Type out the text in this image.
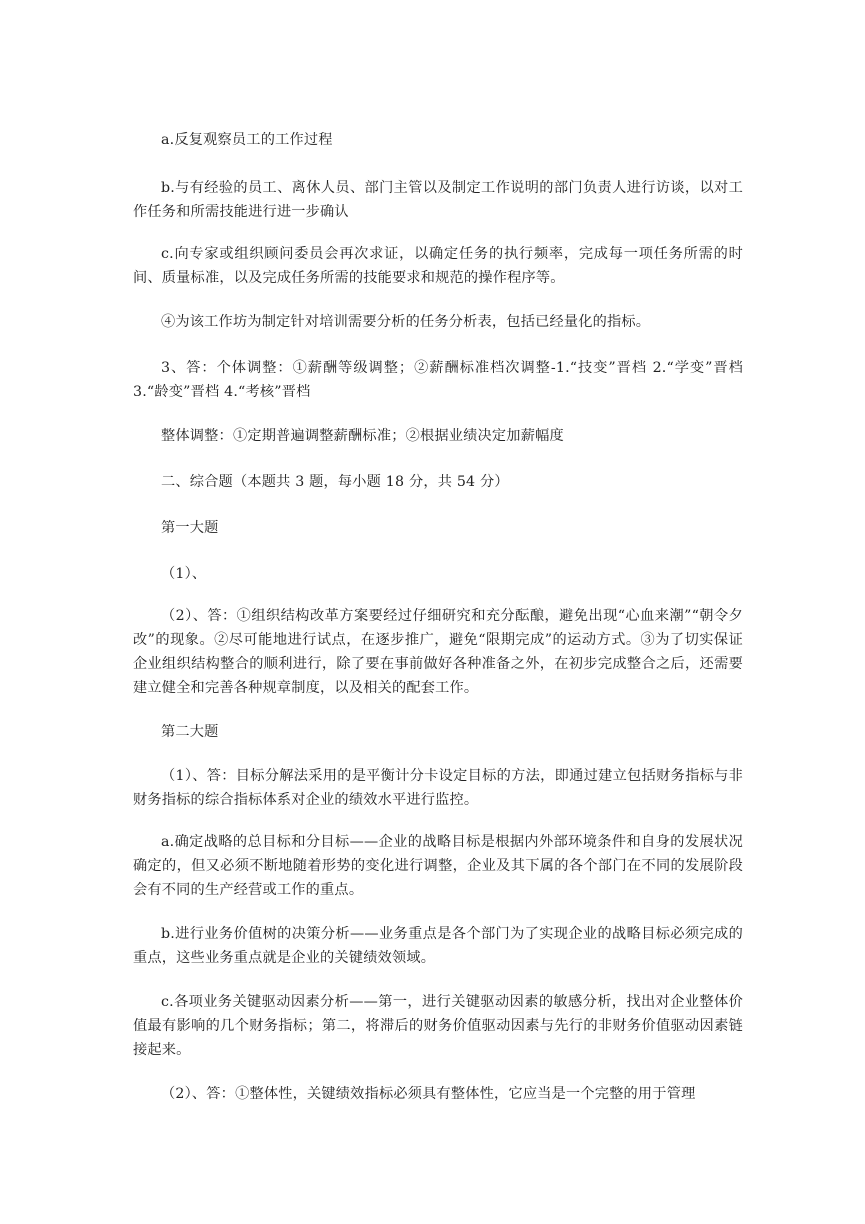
a.反复观察员工的工作过程

b.与有经验的员工、离休人员、部门主管以及制定工作说明的部门负责人进行访谈，以对工作任务和所需技能进行进一步确认

c.向专家或组织顾问委员会再次求证，以确定任务的执行频率，完成每一项任务所需的时间、质量标准，以及完成任务所需的技能要求和规范的操作程序等。

④为该工作坊为制定针对培训需要分析的任务分析表，包括已经量化的指标。

3、答：个体调整：①薪酬等级调整；②薪酬标准档次调整-1.“技变”晋档 2.“学变”晋档 3.“龄变”晋档 4.“考核”晋档

整体调整：①定期普遍调整薪酬标准；②根据业绩决定加薪幅度

二、综合题（本题共 3 题，每小题 18 分，共 54 分）

第一大题

（1）、

（2）、答：①组织结构改革方案要经过仔细研究和充分酝酿，避免出现“心血来潮”“朝令夕改”的现象。②尽可能地进行试点，在逐步推广，避免“限期完成”的运动方式。③为了切实保证企业组织结构整合的顺利进行，除了要在事前做好各种准备之外，在初步完成整合之后，还需要建立健全和完善各种规章制度，以及相关的配套工作。

第二大题

（1）、答：目标分解法采用的是平衡计分卡设定目标的方法，即通过建立包括财务指标与非财务指标的综合指标体系对企业的绩效水平进行监控。

a.确定战略的总目标和分目标——企业的战略目标是根据内外部环境条件和自身的发展状况确定的，但又必须不断地随着形势的变化进行调整，企业及其下属的各个部门在不同的发展阶段会有不同的生产经营或工作的重点。

b.进行业务价值树的决策分析——业务重点是各个部门为了实现企业的战略目标必须完成的重点，这些业务重点就是企业的关键绩效领域。

c.各项业务关键驱动因素分析——第一，进行关键驱动因素的敏感分析，找出对企业整体价值最有影响的几个财务指标；第二，将滞后的财务价值驱动因素与先行的非财务价值驱动因素链接起来。

（2）、答：①整体性，关键绩效指标必须具有整体性，它应当是一个完整的用于管理
